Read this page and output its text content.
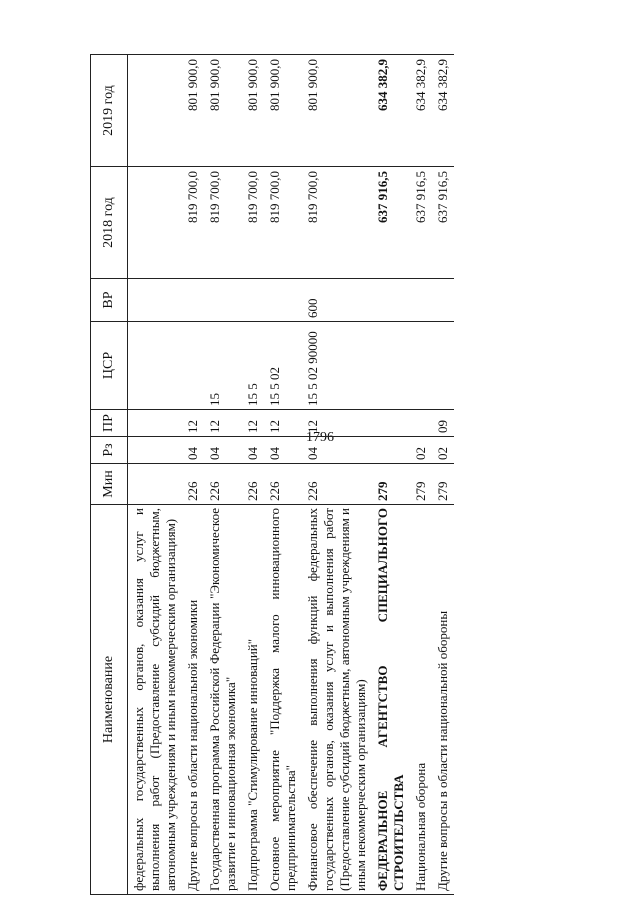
1796
Наименование	Мин	Рз	ПР	ЦСР	ВР	2018 год	2019 год
федеральных государственных органов, оказания услуг и выполнения работ (Предоставление субсидий бюджетным, автономным учреждениям и иным некоммерческим организациям)							
Другие вопросы в области национальной экономики	226	04	12			819 700,0	801 900,0
Государственная программа Российской Федерации "Экономическое развитие и инновационная экономика"	226	04	12	15		819 700,0	801 900,0
Подпрограмма "Стимулирование инноваций"	226	04	12	15 5		819 700,0	801 900,0
Основное мероприятие "Поддержка малого инновационного предпринимательства"	226	04	12	15 5 02		819 700,0	801 900,0
Финансовое обеспечение выполнения функций федеральных государственных органов, оказания услуг и выполнения работ (Предоставление субсидий бюджетным, автономным учреждениям и иным некоммерческим организациям)	226	04	12	15 5 02 90000	600	819 700,0	801 900,0
ФЕДЕРАЛЬНОЕ АГЕНТСТВО СПЕЦИАЛЬНОГО СТРОИТЕЛЬСТВА	279					637 916,5	634 382,9
Национальная оборона	279	02				637 916,5	634 382,9
Другие вопросы в области национальной обороны	279	02	09			637 916,5	634 382,9
